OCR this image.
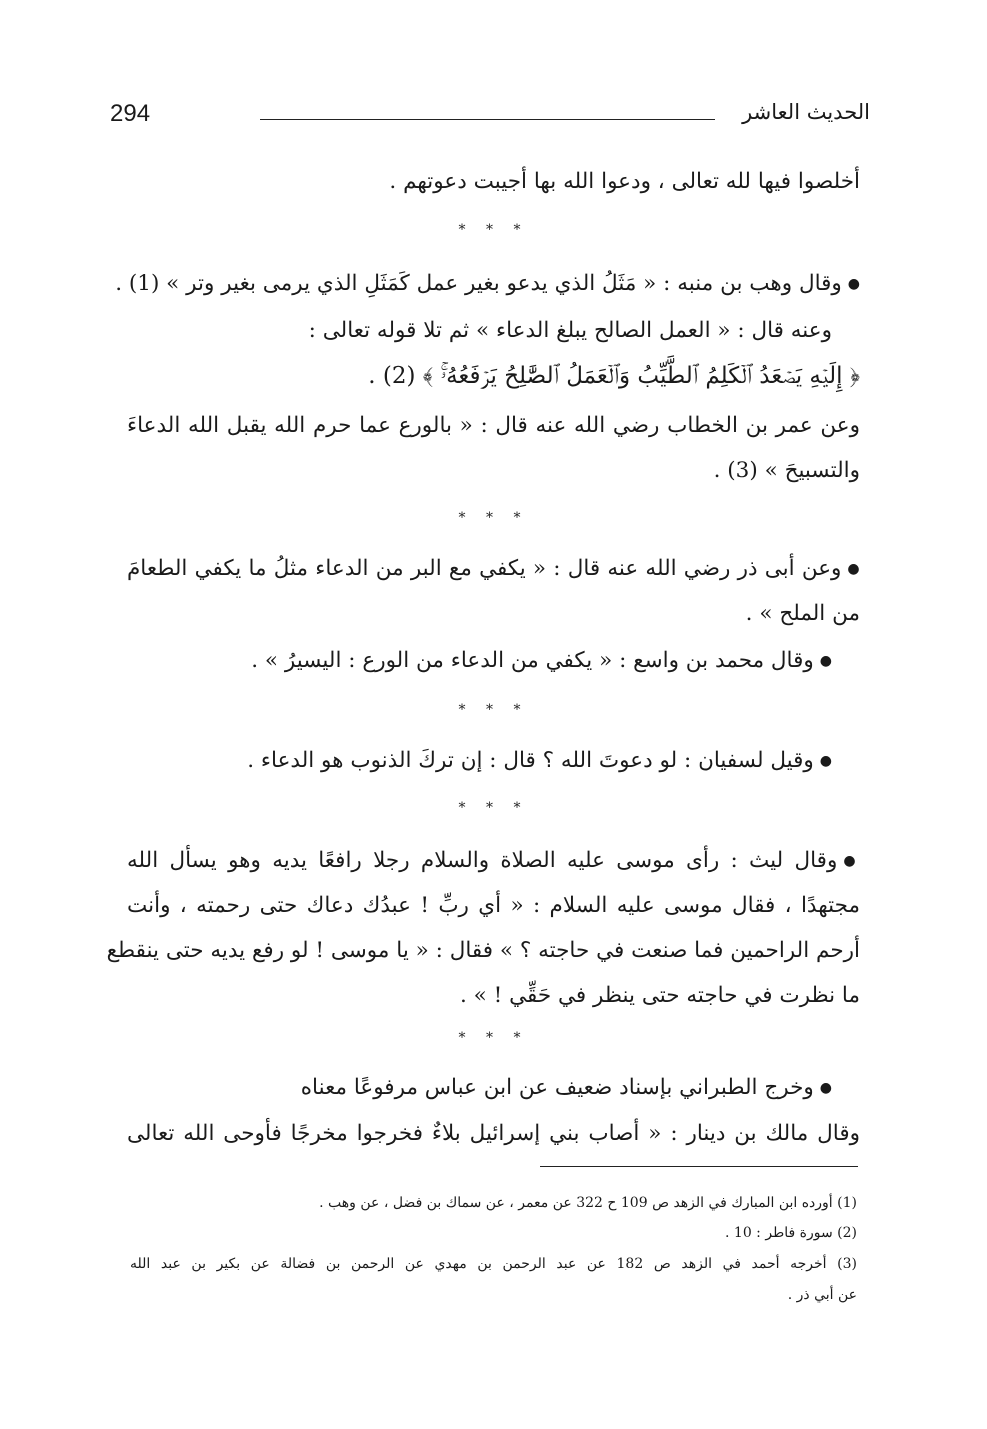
294	الحديث العاشر
أخلصوا فيها لله تعالى ، ودعوا الله بها أجيبت دعوتهم .
* * *
●وقال وهب بن منبه : « مَثَلُ الذي يدعو بغير عمل كَمَثَلِ الذي يرمى بغير وتر » (1) .
وعنه قال : « العمل الصالح يبلغ الدعاء » ثم تلا قوله تعالى :
﴿ إِلَيۡهِ يَصۡعَدُ ٱلۡكَلِمُ ٱلطَّيِّبُ وَٱلۡعَمَلُ ٱلصَّٰلِحُ يَرۡفَعُهُۥۚ ﴾ (2) .
وعن عمر بن الخطاب رضي الله عنه قال : « بالورع عما حرم الله يقبل الله الدعاءَ
والتسبيحَ » (3) .
* * *
●وعن أبى ذر رضي الله عنه قال : « يكفي مع البر من الدعاء مثلُ ما يكفي الطعامَ
من الملح » .
●وقال محمد بن واسع : « يكفي من الدعاء من الورع : اليسيرُ » .
* * *
●وقيل لسفيان : لو دعوتَ الله ؟ قال : إن تركَ الذنوب هو الدعاء .
* * *
●وقال ليث : رأى موسى عليه الصلاة والسلام رجلا رافعًا يديه وهو يسأل الله
مجتهدًا ، فقال موسى عليه السلام : « أي ربِّ ! عبدُك دعاك حتى رحمته ، وأنت
أرحم الراحمين فما صنعت في حاجته ؟ » فقال : « يا موسى ! لو رفع يديه حتى ينقطع
ما نظرت في حاجته حتى ينظر في حَقِّي ! » .
* * *
●وخرج الطبراني بإسناد ضعيف عن ابن عباس مرفوعًا معناه
وقال مالك بن دينار : « أصاب بني إسرائيل بلاءٌ فخرجوا مخرجًا فأوحى الله تعالى
(1) أورده ابن المبارك في الزهد ص 109 ح 322 عن معمر ، عن سماك بن فضل ، عن وهب .
(2) سورة فاطر : 10 .
(3) أخرجه أحمد في الزهد ص 182 عن عبد الرحمن بن مهدي عن الرحمن بن فضالة عن بكير بن عبد الله
عن أبي ذر .
